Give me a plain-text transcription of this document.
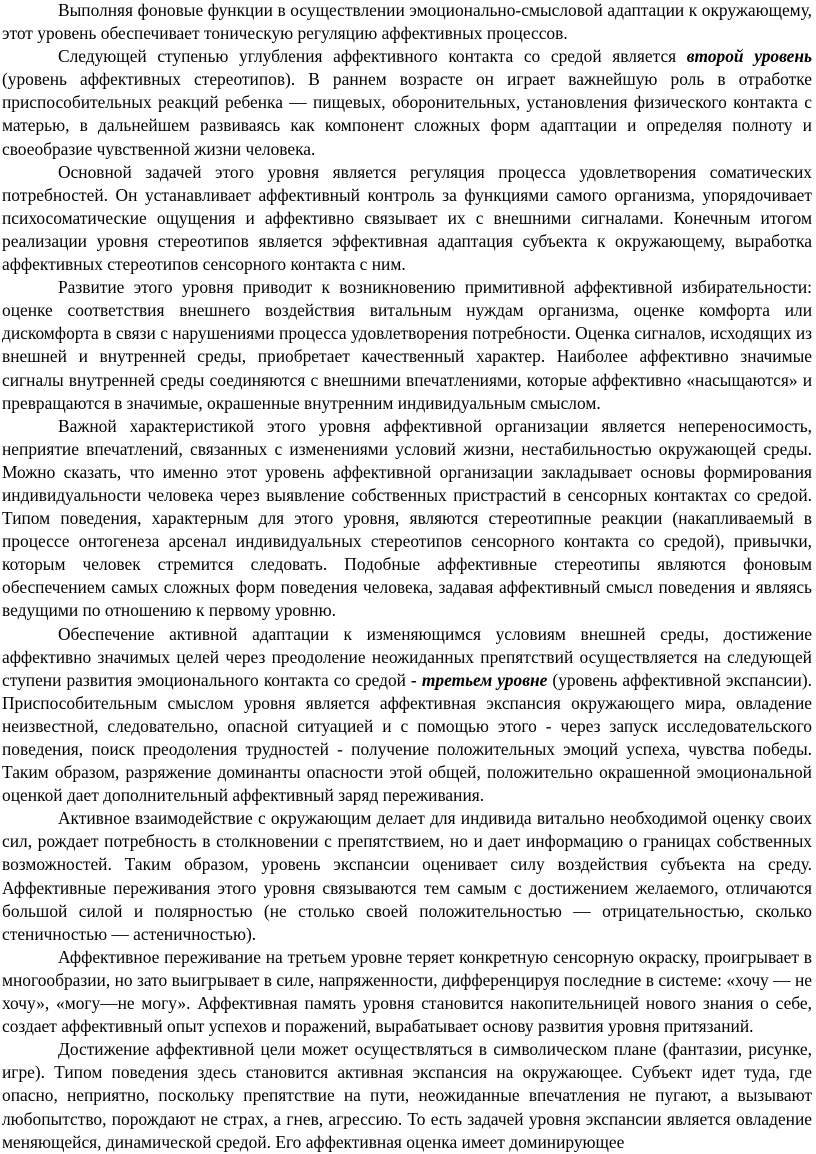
Выполняя фоновые функции в осуществлении эмоционально-смысловой адаптации к окружающему, этот уровень обеспечивает тоническую регуляцию аффективных процессов.

Следующей ступенью углубления аффективного контакта со средой является второй уровень (уровень аффективных стереотипов). В раннем возрасте он играет важнейшую роль в отработке приспособительных реакций ребенка — пищевых, оборонительных, установления физического контакта с матерью, в дальнейшем развиваясь как компонент сложных форм адаптации и определяя полноту и своеобразие чувственной жизни человека.

Основной задачей этого уровня является регуляция процесса удовлетворения соматических потребностей. Он устанавливает аффективный контроль за функциями самого организма, упорядочивает психосоматические ощущения и аффективно связывает их с внешними сигналами. Конечным итогом реализации уровня стереотипов является эффективная адаптация субъекта к окружающему, выработка аффективных стереотипов сенсорного контакта с ним.

Развитие этого уровня приводит к возникновению примитивной аффективной избирательности: оценке соответствия внешнего воздействия витальным нуждам организма, оценке комфорта или дискомфорта в связи с нарушениями процесса удовлетворения потребности. Оценка сигналов, исходящих из внешней и внутренней среды, приобретает качественный характер. Наиболее аффективно значимые сигналы внутренней среды соединяются с внешними впечатлениями, которые аффективно «насыщаются» и превращаются в значимые, окрашенные внутренним индивидуальным смыслом.

Важной характеристикой этого уровня аффективной организации является непереносимость, неприятие впечатлений, связанных с изменениями условий жизни, нестабильностью окружающей среды. Можно сказать, что именно этот уровень аффективной организации закладывает основы формирования индивидуальности человека через выявление собственных пристрастий в сенсорных контактах со средой. Типом поведения, характерным для этого уровня, являются стереотипные реакции (накапливаемый в процессе онтогенеза арсенал индивидуальных стереотипов сенсорного контакта со средой), привычки, которым человек стремится следовать. Подобные аффективные стереотипы являются фоновым обеспечением самых сложных форм поведения человека, задавая аффективный смысл поведения и являясь ведущими по отношению к первому уровню.

Обеспечение активной адаптации к изменяющимся условиям внешней среды, достижение аффективно значимых целей через преодоление неожиданных препятствий осуществляется на следующей ступени развития эмоционального контакта со средой - третьем уровне (уровень аффективной экспансии). Приспособительным смыслом уровня является аффективная экспансия окружающего мира, овладение неизвестной, следовательно, опасной ситуацией и с помощью этого - через запуск исследовательского поведения, поиск преодоления трудностей - получение положительных эмоций успеха, чувства победы. Таким образом, разряжение доминанты опасности этой общей, положительно окрашенной эмоциональной оценкой дает дополнительный аффективный заряд переживания.

Активное взаимодействие с окружающим делает для индивида витально необходимой оценку своих сил, рождает потребность в столкновении с препятствием, но и дает информацию о границах собственных возможностей. Таким образом, уровень экспансии оценивает силу воздействия субъекта на среду. Аффективные переживания этого уровня связываются тем самым с достижением желаемого, отличаются большой силой и полярностью (не столько своей положительностью — отрицательностью, сколько стеничностью — астеничностью).

Аффективное переживание на третьем уровне теряет конкретную сенсорную окраску, проигрывает в многообразии, но зато выигрывает в силе, напряженности, дифференцируя последние в системе: «хочу — не хочу», «могу—не могу». Аффективная память уровня становится накопительницей нового знания о себе, создает аффективный опыт успехов и поражений, вырабатывает основу развития уровня притязаний.

Достижение аффективной цели может осуществляться в символическом плане (фантазии, рисунке, игре). Типом поведения здесь становится активная экспансия на окружающее. Субъект идет туда, где опасно, неприятно, поскольку препятствие на пути, неожиданные впечатления не пугают, а вызывают любопытство, порождают не страх, а гнев, агрессию. То есть задачей уровня экспансии является овладение меняющейся, динамической средой. Его аффективная оценка имеет доминирующее
